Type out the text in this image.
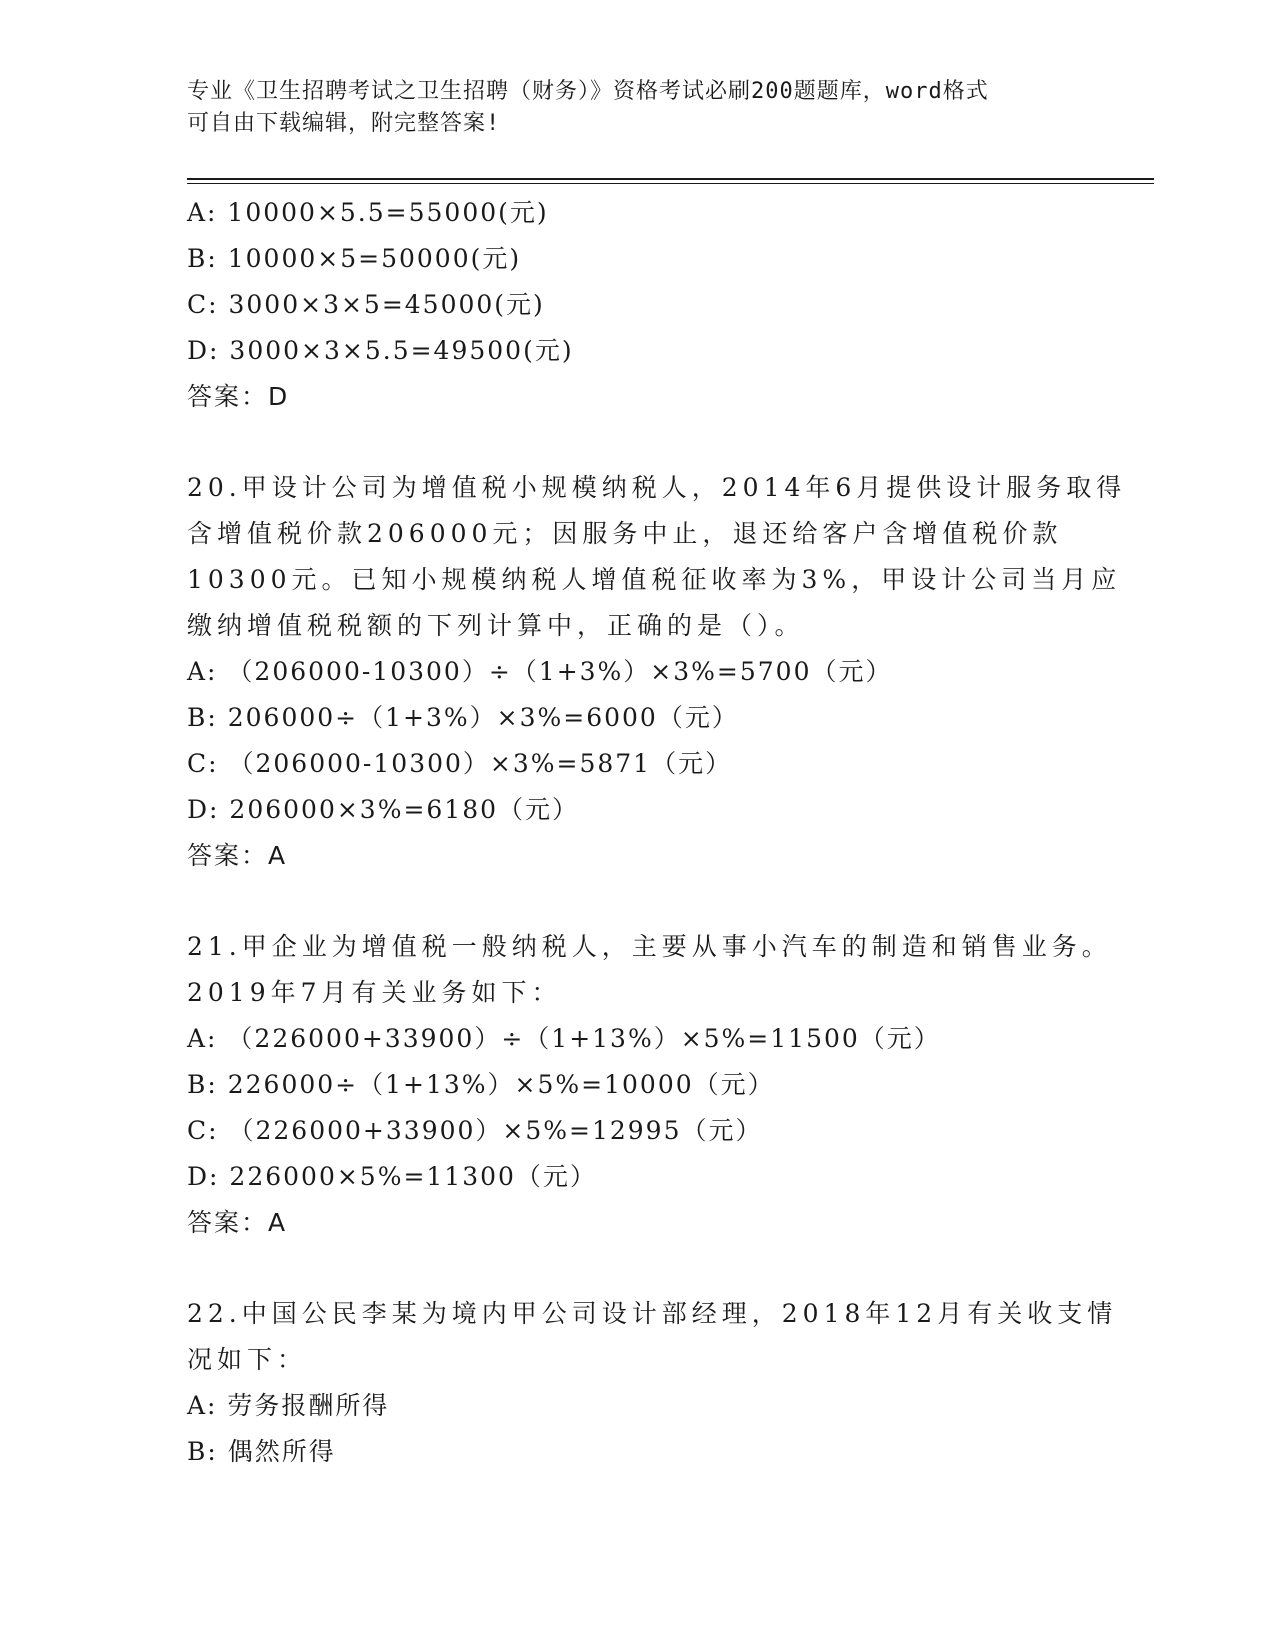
专业《卫生招聘考试之卫生招聘（财务）》资格考试必刷200题题库，word格式
可自由下载编辑，附完整答案!
A: 10000×5.5=55000(元)
B: 10000×5=50000(元)
C: 3000×3×5=45000(元)
D: 3000×3×5.5=49500(元)
答案：D
20.甲设计公司为增值税小规模纳税人，2014年6月提供设计服务取得
含增值税价款206000元；因服务中止，退还给客户含增值税价款
10300元。已知小规模纳税人增值税征收率为3%，甲设计公司当月应
缴纳增值税税额的下列计算中，正确的是（）。
A: （206000-10300）÷（1+3%）×3%=5700（元）
B: 206000÷（1+3%）×3%=6000（元）
C: （206000-10300）×3%=5871（元）
D: 206000×3%=6180（元）
答案：A
21.甲企业为增值税一般纳税人，主要从事小汽车的制造和销售业务。
2019年7月有关业务如下：
A: （226000+33900）÷（1+13%）×5%=11500（元）
B: 226000÷（1+13%）×5%=10000（元）
C: （226000+33900）×5%=12995（元）
D: 226000×5%=11300（元）
答案：A
22.中国公民李某为境内甲公司设计部经理，2018年12月有关收支情
况如下：
A: 劳务报酬所得
B: 偶然所得
